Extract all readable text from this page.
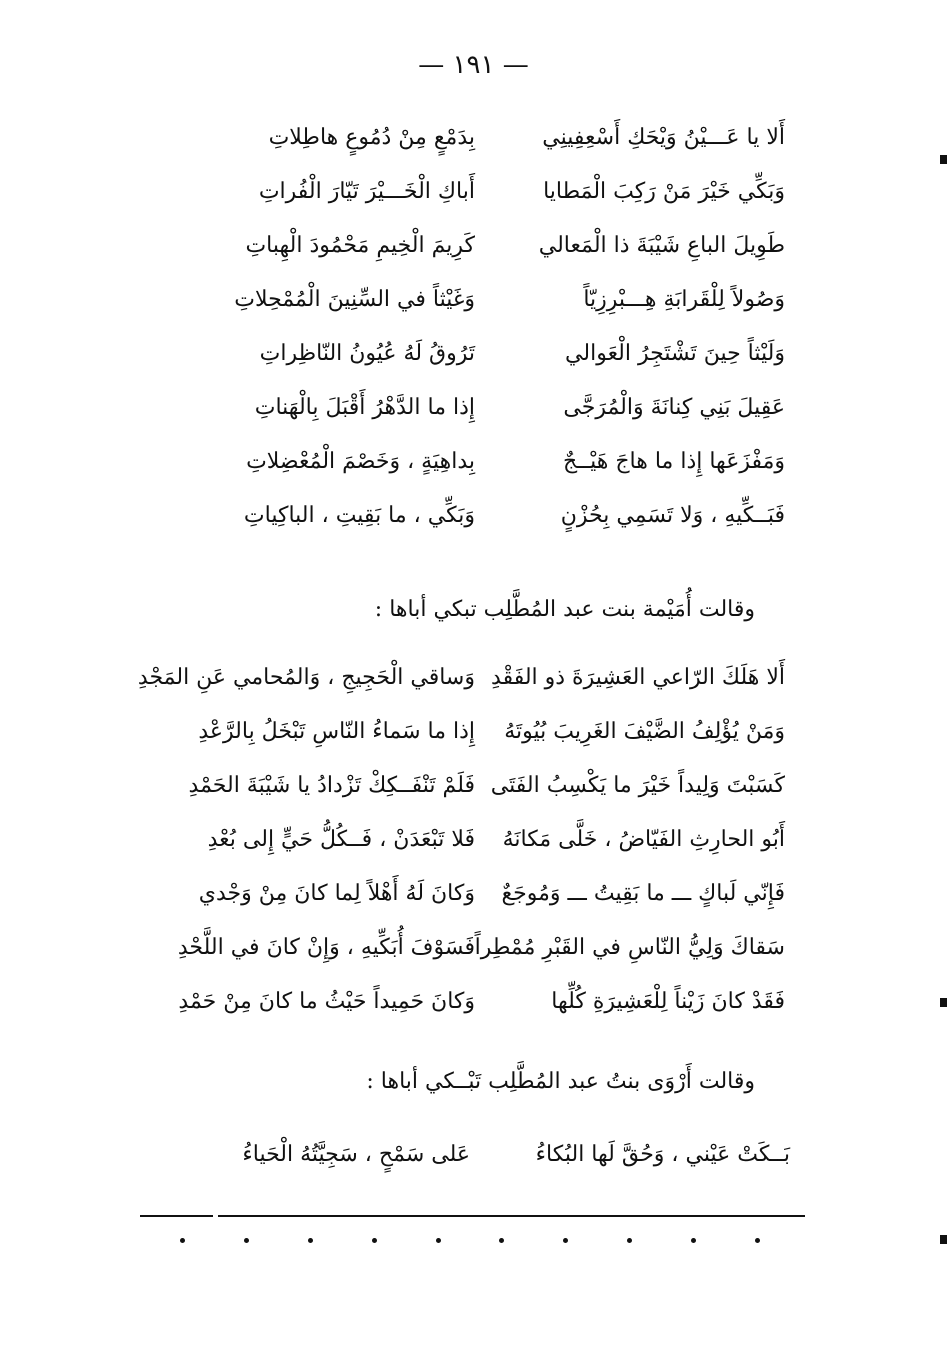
— ١٩١ —
أَلا يا عَـــيْنُ وَيْحَكِ أَسْعِفِينِي
بِدَمْعٍ مِنْ دُمُوعٍ هاطِلاتِ
وَبَكِّي خَيْرَ مَنْ رَكِبَ الْمَطايا
أَباكِ الْخَـــيْرَ تَيّارَ الْفُراتِ
طَوِيلَ الباعِ شَيْبَةَ ذا الْمَعالي
كَرِيمَ الْخِيمِ مَحْمُودَ الْهِباتِ
وَصُولاً لِلْقَرابَةِ هِـــبْرِزِيّاً
وَغَيْثاً في السِّنِينَ الْمُمْحِلاتِ
وَلَيْثاً حِينَ تَشْتَجِرُ الْعَوالي
تَرُوقُ لَهُ عُيُونُ النّاظِراتِ
عَقِيلَ بَنِي كِنانَةَ وَالْمُرَجَّى
إِذا ما الدَّهْرُ أَقْبَلَ بِالْهَناتِ
وَمَفْزَعَها إِذا ما هاجَ هَيْــجٌ
بِداهِيَةٍ ، وَخَصْمَ الْمُعْضِلاتِ
فَبَــكِّيهِ ، وَلا تَسَمِي بِحُزْنٍ
وَبَكِّي ، ما بَقِيتِ ، الباكِياتِ
وقالت أُمَيْمة بنت عبد المُطَّلِب تبكي أباها :
أَلا هَلَكَ الرّاعي العَشِيرَةَ ذو الفَقْدِ
وَساقي الْحَجِيجِ ، وَالمُحامي عَنِ المَجْدِ
وَمَنْ يُؤْلِفُ الضَّيْفَ الغَرِيبَ بُيُوتَهُ
إِذا ما سَماءُ النّاسِ تَبْخَلُ بِالرَّعْدِ
كَسَبْتَ وَلِيداً خَيْرَ ما يَكْسِبُ الفَتَى
فَلَمْ تَنْفَــكِكْ تَزْدادُ يا شَيْبَةَ الحَمْدِ
أَبُو الحارِثِ الفَيّاضُ ، خَلَّى مَكانَهُ
فَلا تَبْعَدَنْ ، فَــكُلُّ حَيٍّ إِلى بُعْدِ
فَإِنّي لَباكٍ ـــ ما بَقِيتُ ـــ وَمُوجَعٌ
وَكانَ لَهُ أَهْلاً لِما كانَ مِنْ وَجْدي
سَقاكَ وَلِيُّ النّاسِ في القَبْرِ مُمْطِراً
فَسَوْفَ أُبَكِّيهِ ، وَإِنْ كانَ في اللَّحْدِ
فَقَدْ كانَ زَيْناً لِلْعَشِيرَةِ كُلِّها
وَكانَ حَمِيداً حَيْثُ ما كانَ مِنْ حَمْدِ
وقالت أَرْوَى بنتُ عبد المُطَّلِب تَبْــكي أباها :
بَــكَتْ عَيْني ، وَحُقَّ لَها البُكاءُ
عَلى سَمْحٍ ، سَجِيَّتُهُ الْحَياءُ
